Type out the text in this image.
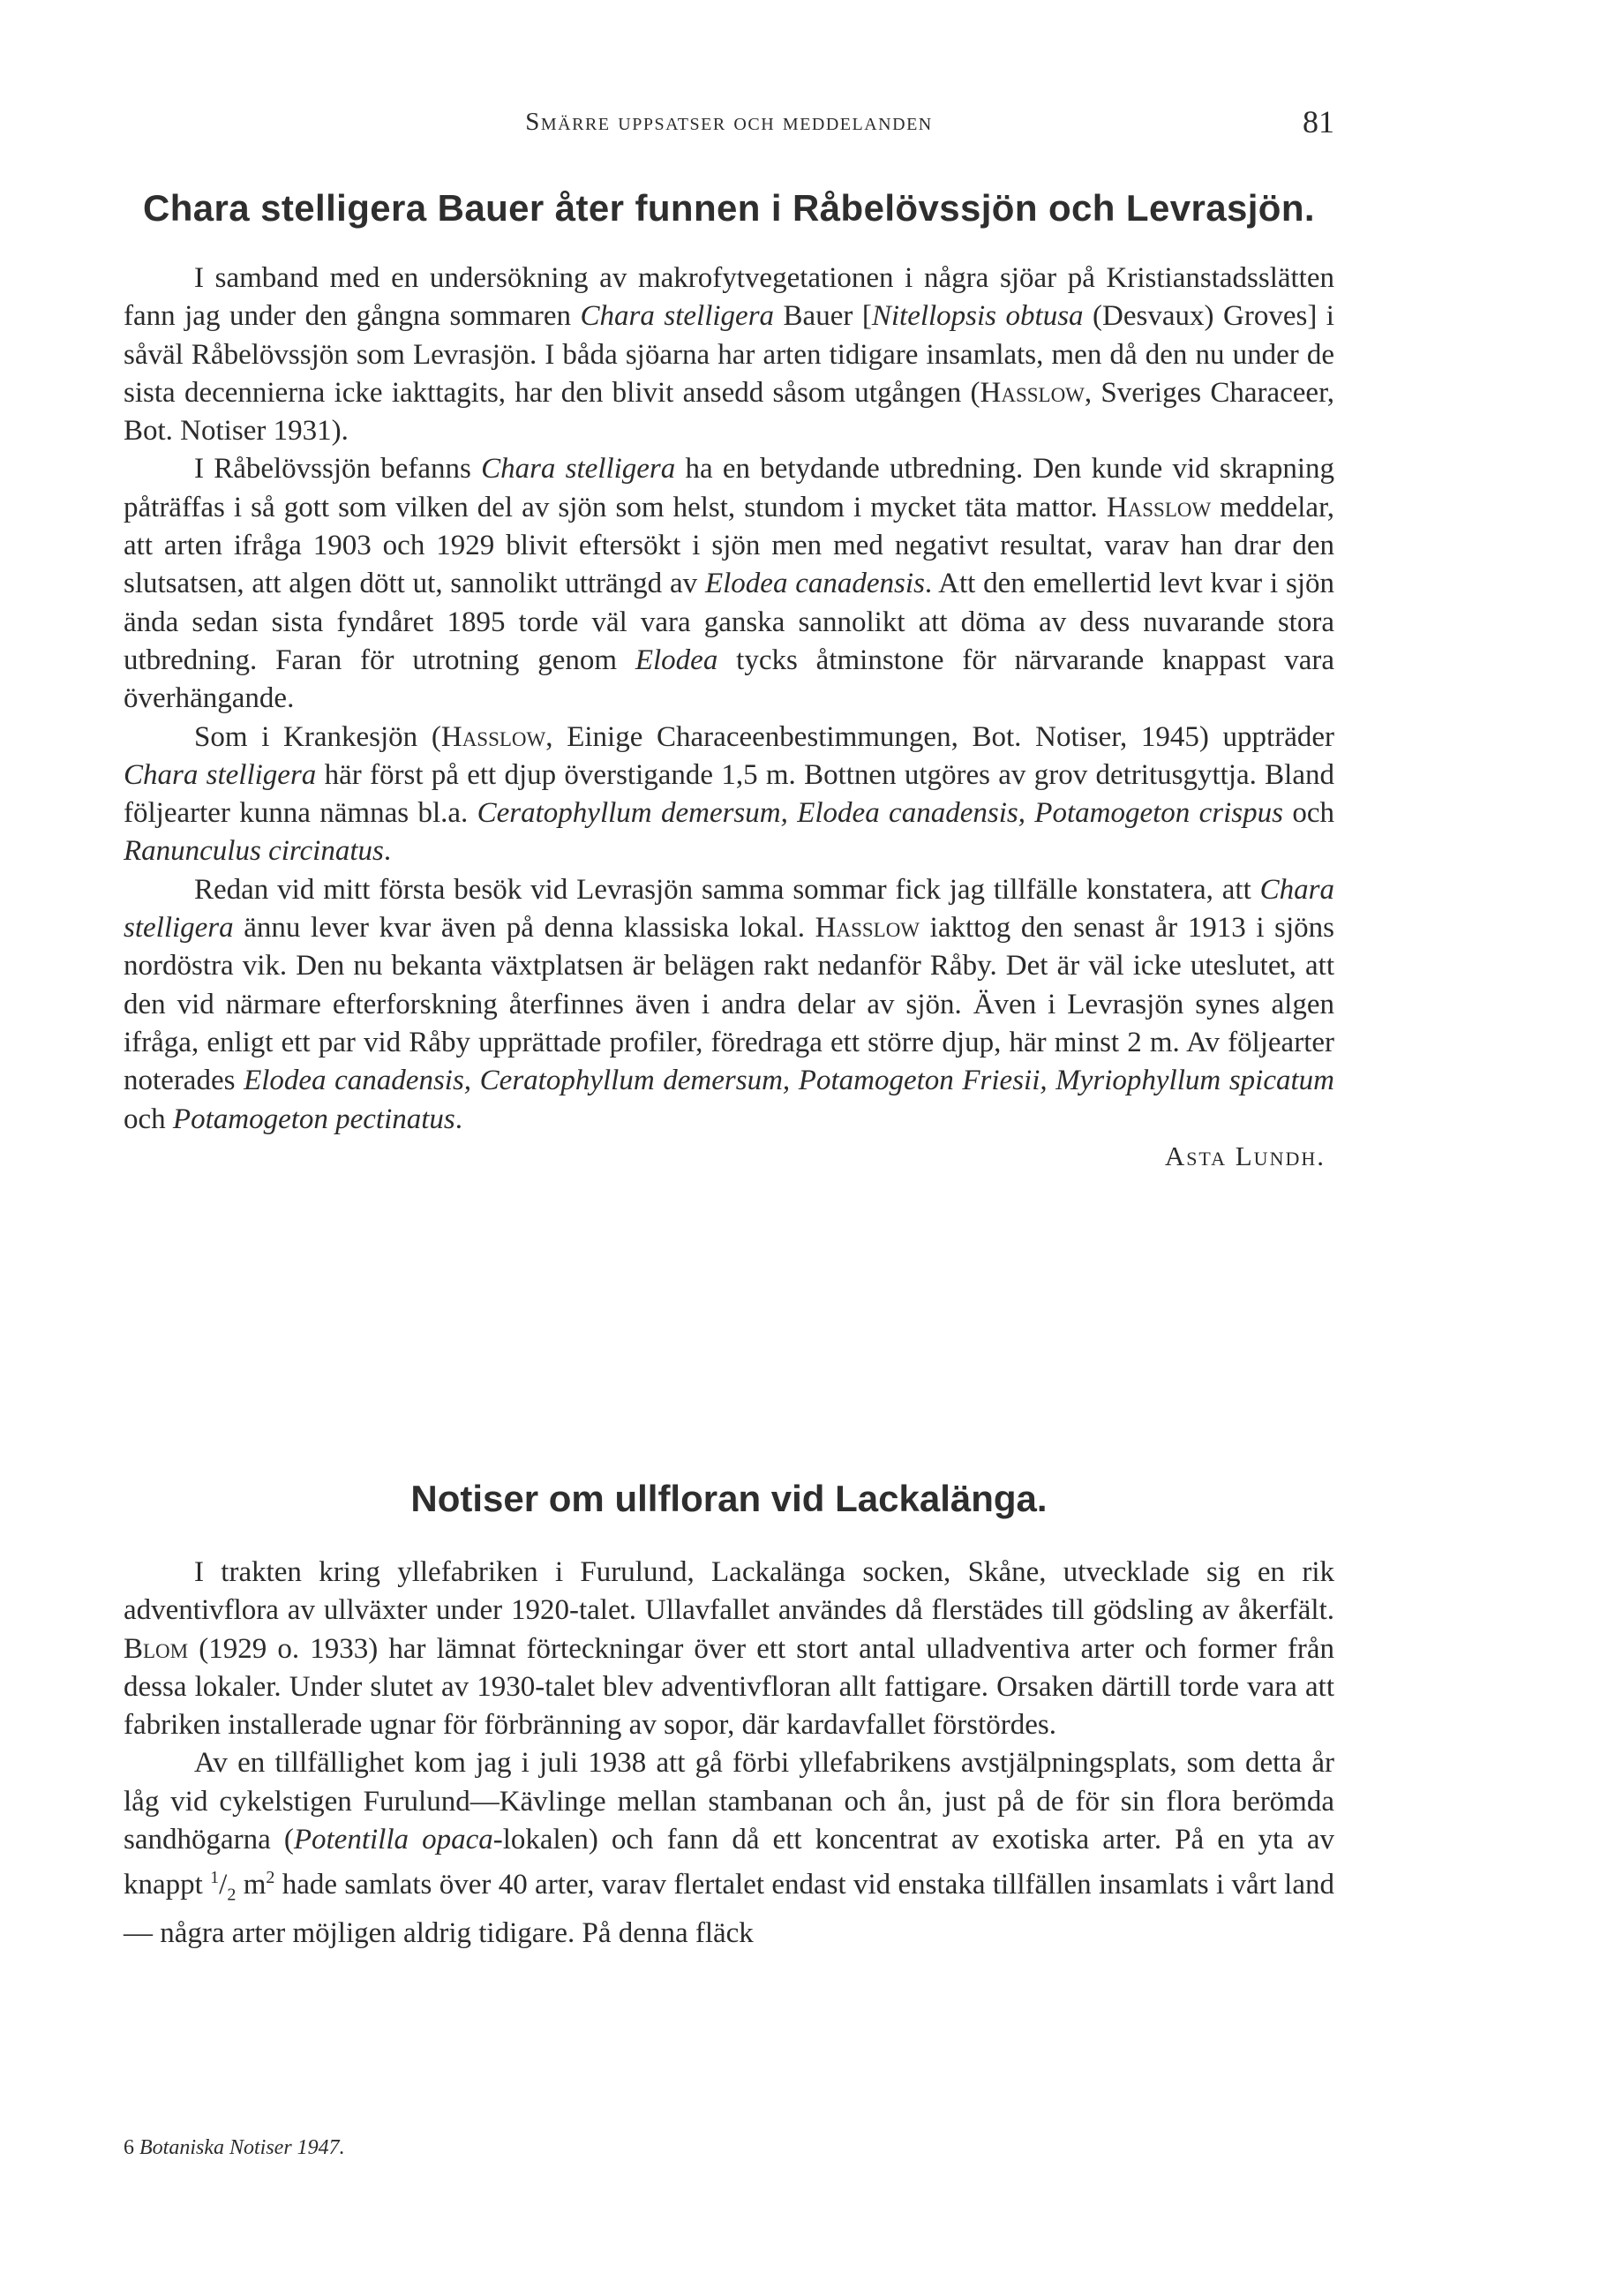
Smärre uppsatser och meddelanden	81
Chara stelligera Bauer åter funnen i Råbelövssjön och Levrasjön.

I samband med en undersökning av makrofytvegetationen i några sjöar på Kristianstadsslätten fann jag under den gångna sommaren Chara stelligera Bauer [Nitellopsis obtusa (Desvaux) Groves] i såväl Råbelövssjön som Levrasjön. I båda sjöarna har arten tidigare insamlats, men då den nu under de sista decennierna icke iakttagits, har den blivit ansedd såsom utgången (Hasslow, Sveriges Characeer, Bot. Notiser 1931).

I Råbelövssjön befanns Chara stelligera ha en betydande utbredning. Den kunde vid skrapning påträffas i så gott som vilken del av sjön som helst, stundom i mycket täta mattor. Hasslow meddelar, att arten ifråga 1903 och 1929 blivit eftersökt i sjön men med negativt resultat, varav han drar den slutsatsen, att algen dött ut, sannolikt utträngd av Elodea canadensis. Att den emellertid levt kvar i sjön ända sedan sista fyndåret 1895 torde väl vara ganska sannolikt att döma av dess nuvarande stora utbredning. Faran för utrotning genom Elodea tycks åtminstone för närvarande knappast vara överhängande.

Som i Krankesjön (Hasslow, Einige Characeenbestimmungen, Bot. Notiser, 1945) uppträder Chara stelligera här först på ett djup överstigande 1,5 m. Bottnen utgöres av grov detritusgyttja. Bland följearter kunna nämnas bl.a. Ceratophyllum demersum, Elodea canadensis, Potamogeton crispus och Ranunculus circinatus.

Redan vid mitt första besök vid Levrasjön samma sommar fick jag tillfälle konstatera, att Chara stelligera ännu lever kvar även på denna klassiska lokal. Hasslow iakttog den senast år 1913 i sjöns nordöstra vik. Den nu bekanta växtplatsen är belägen rakt nedanför Råby. Det är väl icke uteslutet, att den vid närmare efterforskning återfinnes även i andra delar av sjön. Även i Levrasjön synes algen ifråga, enligt ett par vid Råby upprättade profiler, föredraga ett större djup, här minst 2 m. Av följearter noterades Elodea canadensis, Ceratophyllum demersum, Potamogeton Friesii, Myriophyllum spicatum och Potamogeton pectinatus.

Asta Lundh.
Notiser om ullfloran vid Lackalänga.

I trakten kring yllefabriken i Furulund, Lackalänga socken, Skåne, utvecklade sig en rik adventivflora av ullväxter under 1920-talet. Ullavfallet användes då flerstädes till gödsling av åkerfält. Blom (1929 o. 1933) har lämnat förteckningar över ett stort antal ulladventiva arter och former från dessa lokaler. Under slutet av 1930-talet blev adventivfloran allt fattigare. Orsaken därtill torde vara att fabriken installerade ugnar för förbränning av sopor, där kardavfallet förstördes.

Av en tillfällighet kom jag i juli 1938 att gå förbi yllefabrikens avstjälpningsplats, som detta år låg vid cykelstigen Furulund—Kävlinge mellan stambanan och ån, just på de för sin flora berömda sandhögarna (Potentilla opaca-lokalen) och fann då ett koncentrat av exotiska arter. På en yta av knappt $^1/_2$ $m^2$ hade samlats över 40 arter, varav flertalet endast vid enstaka tillfällen insamlats i vårt land — några arter möjligen aldrig tidigare. På denna fläck

6 Botaniska Notiser 1947.
